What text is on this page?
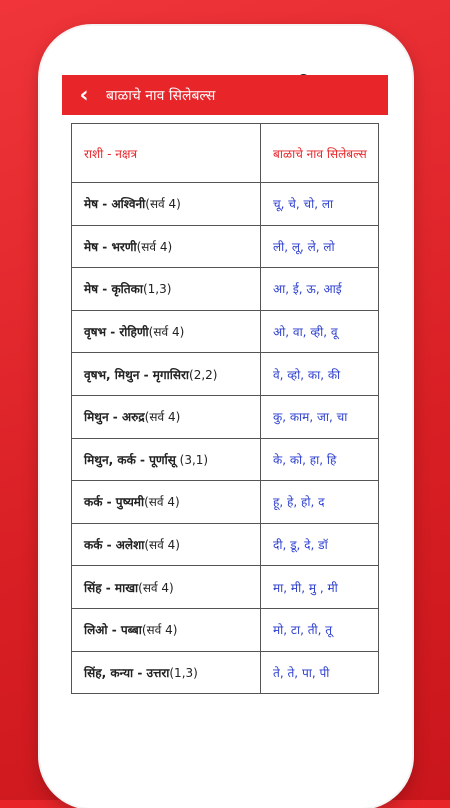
‹	बाळाचे नाव सिलेबल्स
राशी - नक्षत्र	बाळाचे नाव सिलेबल्स
मेष - अश्विनी(सर्व 4)	चू, चे, चो, ला
मेष - भरणी(सर्व 4)	ली, लू, ले, लो
मेष - कृतिका(1,3)	आ, ई, ऊ, आई
वृषभ - रोहिणी(सर्व 4)	ओ, वा, व्ही, वू
वृषभ, मिथुन - मृगासिरा(2,2)	वे, व्हो, का, की
मिथुन - अरुद्र(सर्व 4)	कु, काम, जा, चा
मिथुन, कर्क - पूर्णासू (3,1)	के, को, हा, हि
कर्क - पुष्यमी(सर्व 4)	हू, हे, हो, द
कर्क - अलेशा(सर्व 4)	दी, डू, दे, डॉ
सिंह - माखा(सर्व 4)	मा, मी, मु , मी
लिओ - पब्बा(सर्व 4)	मो, टा, ती, तू
सिंह, कन्या - उत्तरा(1,3)	ते, ते, पा, पी
